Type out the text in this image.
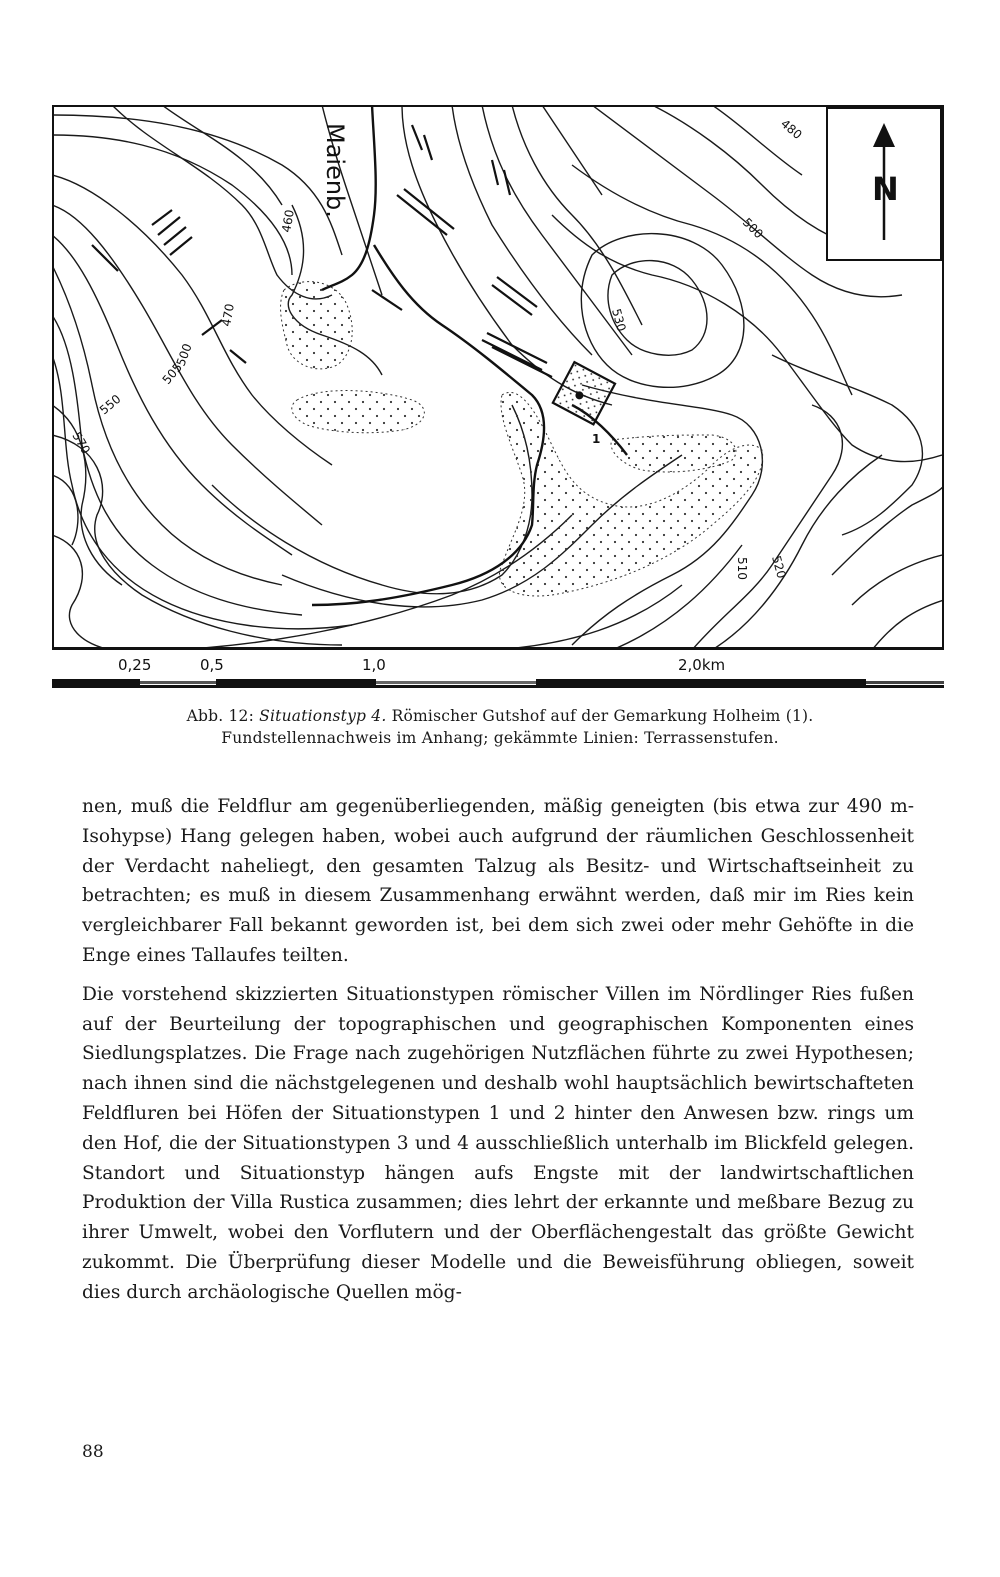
1
Maienb.
460
470
500
550
570
480
500
530
510 520
505
N
0,25	0,5	1,0	2,0km
Abb. 12: Situationstyp 4. Römischer Gutshof auf der Gemarkung Holheim (1).
Fundstellennachweis im Anhang; gekämmte Linien: Terrassenstufen.

nen, muß die Feldflur am gegenüberliegenden, mäßig geneigten (bis etwa zur 490 m-Isohypse) Hang gelegen haben, wobei auch aufgrund der räumlichen Geschlossenheit der Verdacht naheliegt, den gesamten Talzug als Besitz- und Wirtschaftseinheit zu betrachten; es muß in diesem Zusammenhang erwähnt werden, daß mir im Ries kein vergleichbarer Fall bekannt geworden ist, bei dem sich zwei oder mehr Gehöfte in die Enge eines Tallaufes teilten.

Die vorstehend skizzierten Situationstypen römischer Villen im Nördlinger Ries fußen auf der Beurteilung der topographischen und geographischen Komponenten eines Siedlungsplatzes. Die Frage nach zugehörigen Nutzflächen führte zu zwei Hypothesen; nach ihnen sind die nächstgelegenen und deshalb wohl hauptsächlich bewirtschafteten Feldfluren bei Höfen der Situationstypen 1 und 2 hinter den Anwesen bzw. rings um den Hof, die der Situationstypen 3 und 4 ausschließlich unterhalb im Blickfeld gelegen. Standort und Situationstyp hängen aufs Engste mit der landwirtschaftlichen Produktion der Villa Rustica zusammen; dies lehrt der erkannte und meßbare Bezug zu ihrer Umwelt, wobei den Vorflutern und der Oberflächengestalt das größte Gewicht zukommt. Die Überprüfung dieser Modelle und die Beweisführung obliegen, soweit dies durch archäologische Quellen mög-

88
